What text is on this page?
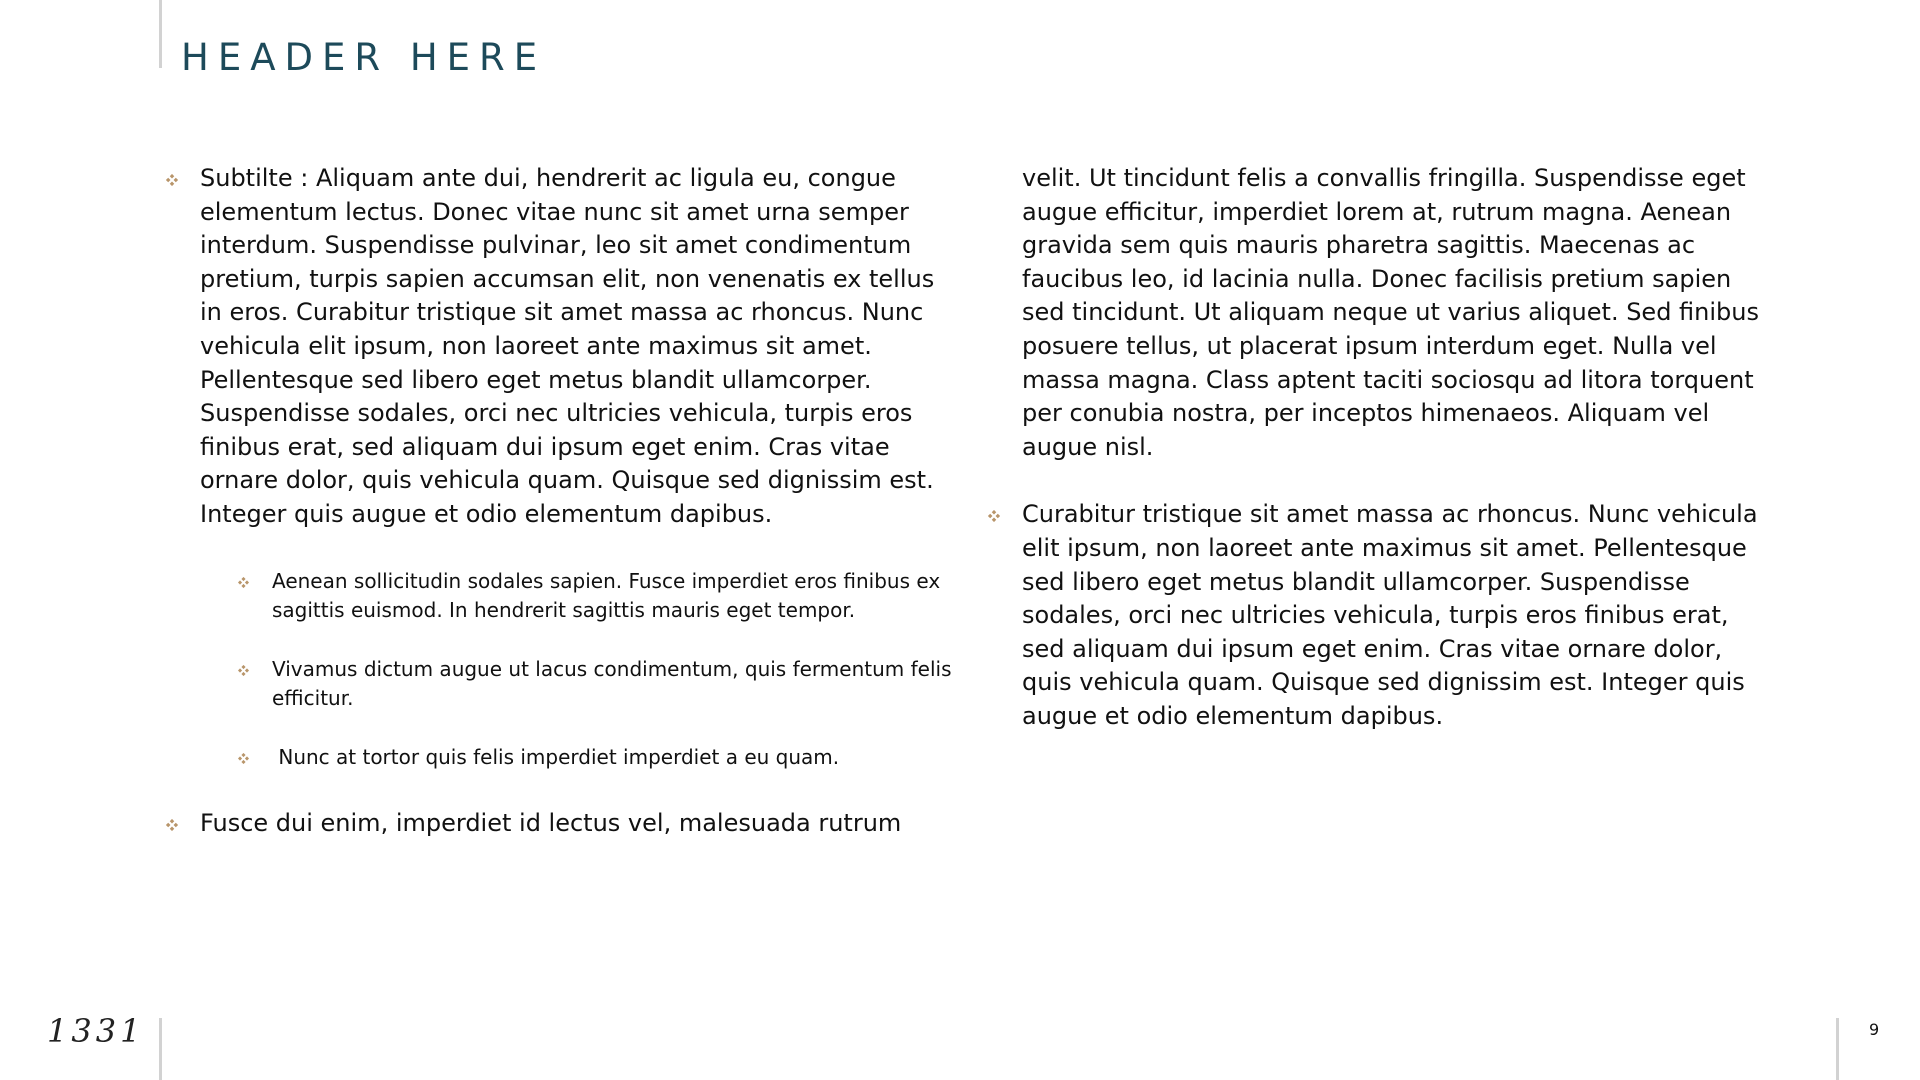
HEADER HERE
1331	9
Subtilte : Aliquam ante dui, hendrerit ac ligula eu, congue elementum lectus. Donec vitae nunc sit amet urna semper interdum. Suspendisse pulvinar, leo sit amet condimentum pretium, turpis sapien accumsan elit, non venenatis ex tellus in eros. Curabitur tristique sit amet massa ac rhoncus. Nunc vehicula elit ipsum, non laoreet ante maximus sit amet. Pellentesque sed libero eget metus blandit ullamcorper. Suspendisse sodales, orci nec ultricies vehicula, turpis eros finibus erat, sed aliquam dui ipsum eget enim. Cras vitae ornare dolor, quis vehicula quam. Quisque sed dignissim est. Integer quis augue et odio elementum dapibus.
Aenean sollicitudin sodales sapien. Fusce imperdiet eros finibus ex sagittis euismod. In hendrerit sagittis mauris eget tempor.
Vivamus dictum augue ut lacus condimentum, quis fermentum felis efficitur.
Nunc at tortor quis felis imperdiet imperdiet a eu quam.
Fusce dui enim, imperdiet id lectus vel, malesuada rutrum
velit. Ut tincidunt felis a convallis fringilla. Suspendisse eget augue efficitur, imperdiet lorem at, rutrum magna. Aenean gravida sem quis mauris pharetra sagittis. Maecenas ac faucibus leo, id lacinia nulla. Donec facilisis pretium sapien sed tincidunt. Ut aliquam neque ut varius aliquet. Sed finibus posuere tellus, ut placerat ipsum interdum eget. Nulla vel massa magna. Class aptent taciti sociosqu ad litora torquent per conubia nostra, per inceptos himenaeos. Aliquam vel augue nisl.
Curabitur tristique sit amet massa ac rhoncus. Nunc vehicula elit ipsum, non laoreet ante maximus sit amet. Pellentesque sed libero eget metus blandit ullamcorper. Suspendisse sodales, orci nec ultricies vehicula, turpis eros finibus erat, sed aliquam dui ipsum eget enim. Cras vitae ornare dolor, quis vehicula quam. Quisque sed dignissim est. Integer quis augue et odio elementum dapibus.
